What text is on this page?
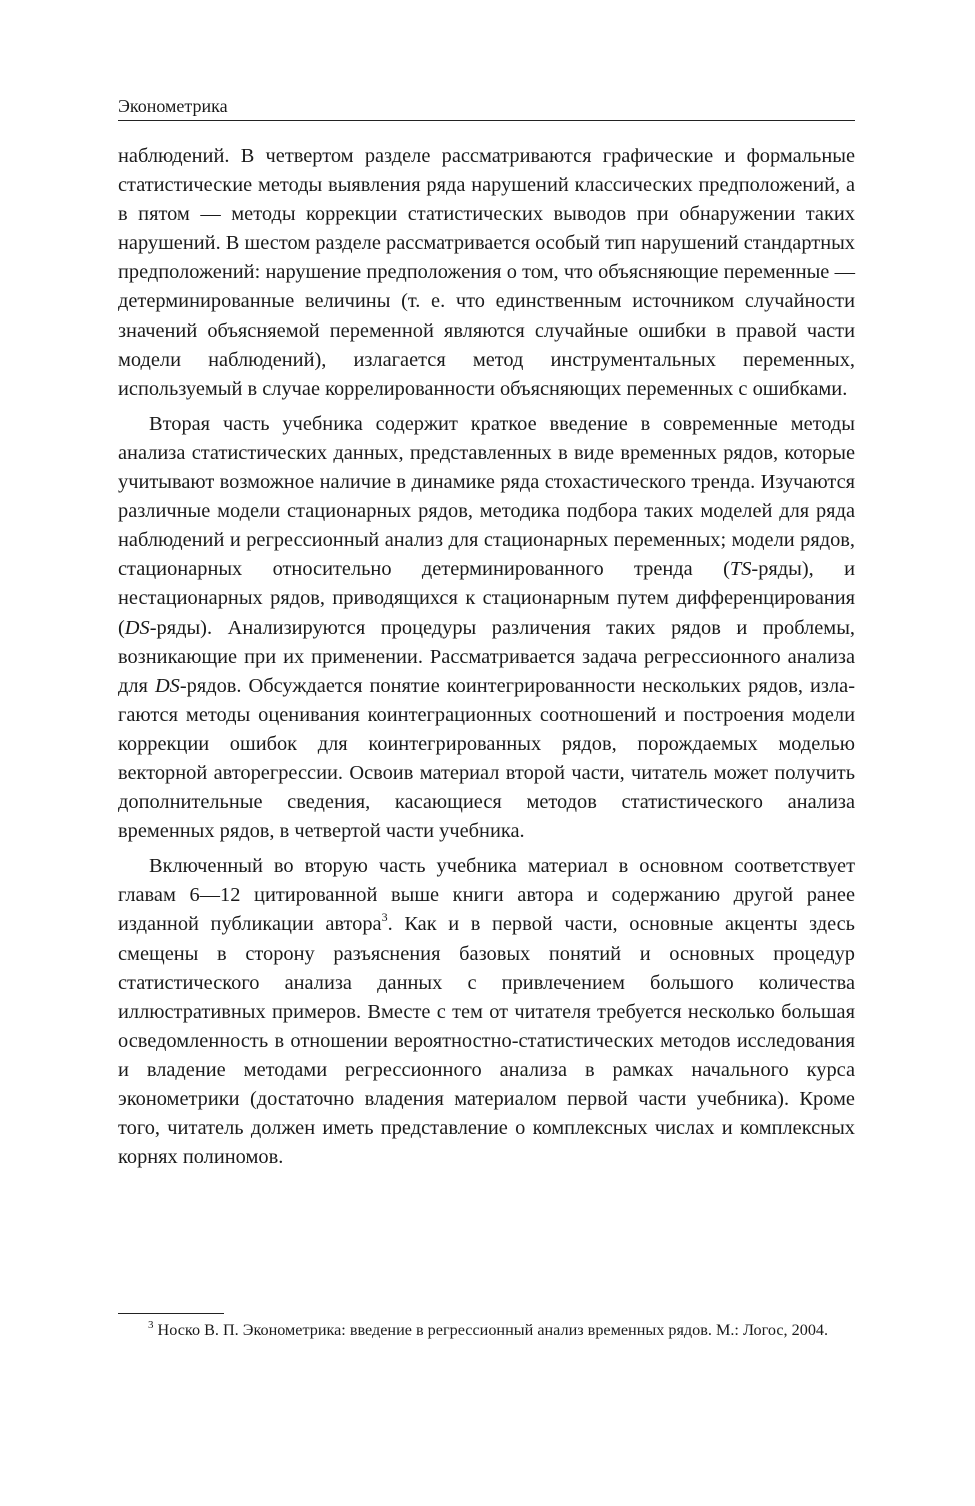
Эконометрика

наблюдений. В четвертом разделе рассматриваются графические и формальные статистические методы выявления ряда нарушений классических предположений, а в пятом — методы коррекции статистических выводов при обнаружении таких нарушений. В шестом разделе рассматривается особый тип нарушений стандартных предположений: нарушение предположения о том, что объясняющие переменные — детерминированные величины (т. е. что единственным источником случайности значений объясняемой переменной являются случайные ошибки в правой части модели наблюдений), излагается метод инструментальных переменных, используемый в случае коррелированности объясняющих переменных с ошибками.

Вторая часть учебника содержит краткое введение в современные методы анализа статистических данных, представленных в виде временных рядов, которые учитывают возможное наличие в динамике ряда стохастического тренда. Изучаются различные модели стационарных рядов, методика подбора таких моделей для ряда наблюдений и регрессионный анализ для стационарных переменных; модели рядов, стационарных относительно детерминированного тренда (TS-ряды), и нестационарных рядов, приводящихся к стационарным путем дифференцирования (DS-ряды). Анализируются процедуры различения таких рядов и проблемы, возникающие при их применении. Рассматривается задача регрессионного анализа для DS-рядов. Обсуждается понятие коинтегрированности нескольких рядов, излагаются методы оценивания коинтеграционных соотношений и построения модели коррекции ошибок для коинтегрированных рядов, порождаемых моделью векторной авторегрессии. Освоив материал второй части, читатель может получить дополнительные сведения, касающиеся методов статистического анализа временных рядов, в четвертой части учебника.

Включенный во вторую часть учебника материал в основном соответствует главам 6—12 цитированной выше книги автора и содержанию другой ранее изданной публикации автора$^3$. Как и в первой части, основные акценты здесь смещены в сторону разъяснения базовых понятий и основных процедур статистического анализа данных с привлечением большого количества иллюстративных примеров. Вместе с тем от читателя требуется несколько большая осведомленность в отношении вероятностно-статистических методов исследования и владение методами регрессионного анализа в рамках начального курса эконометрики (достаточно владения материалом первой части учебника). Кроме того, читатель должен иметь представление о комплексных числах и комплексных корнях полиномов.

$^3$ Носко В. П. Эконометрика: введение в регрессионный анализ временных рядов. М.: Логос, 2004.
